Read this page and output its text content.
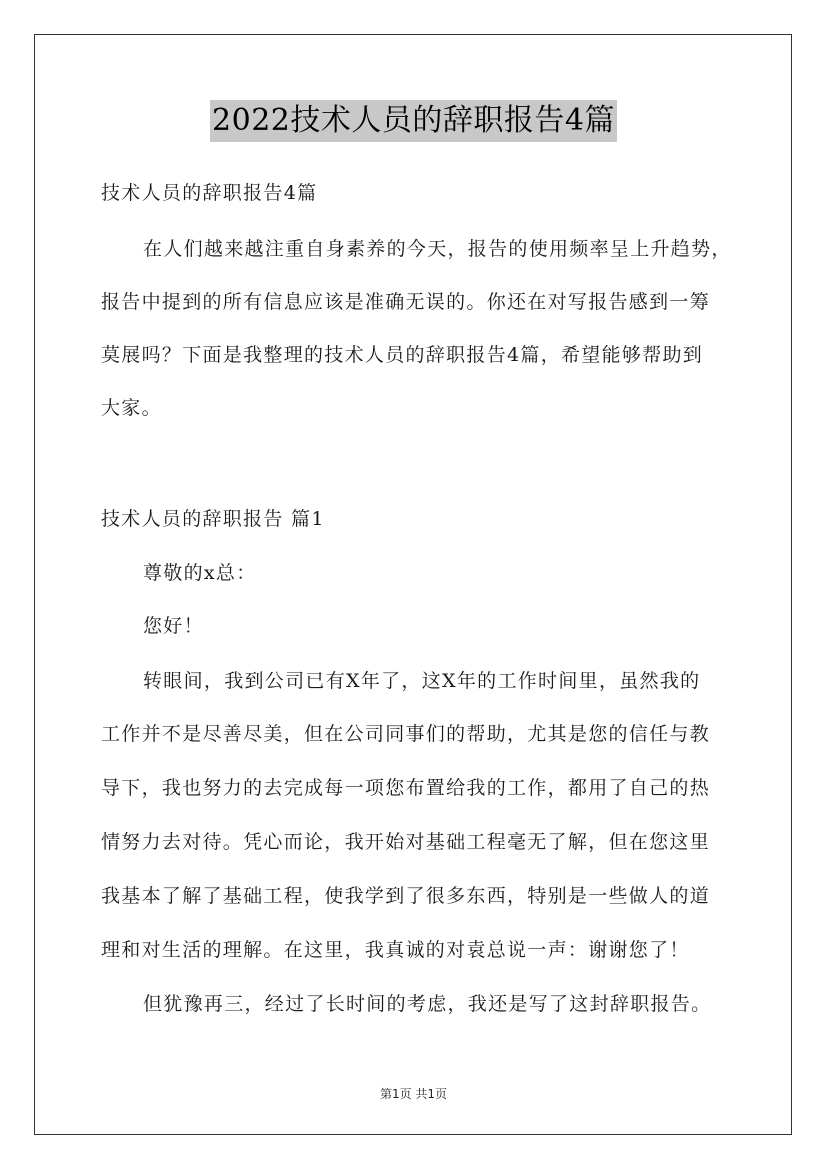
2022技术人员的辞职报告4篇
技术人员的辞职报告4篇
在人们越来越注重自身素养的今天，报告的使用频率呈上升趋势，
报告中提到的所有信息应该是准确无误的。你还在对写报告感到一筹
莫展吗？下面是我整理的技术人员的辞职报告4篇，希望能够帮助到
大家。
技术人员的辞职报告 篇1
尊敬的x总：
您好！
转眼间，我到公司已有X年了，这X年的工作时间里，虽然我的
工作并不是尽善尽美，但在公司同事们的帮助，尤其是您的信任与教
导下，我也努力的去完成每一项您布置给我的工作，都用了自己的热
情努力去对待。凭心而论，我开始对基础工程毫无了解，但在您这里
我基本了解了基础工程，使我学到了很多东西，特别是一些做人的道
理和对生活的理解。在这里，我真诚的对袁总说一声：谢谢您了！
但犹豫再三，经过了长时间的考虑，我还是写了这封辞职报告。
第1页 共1页
